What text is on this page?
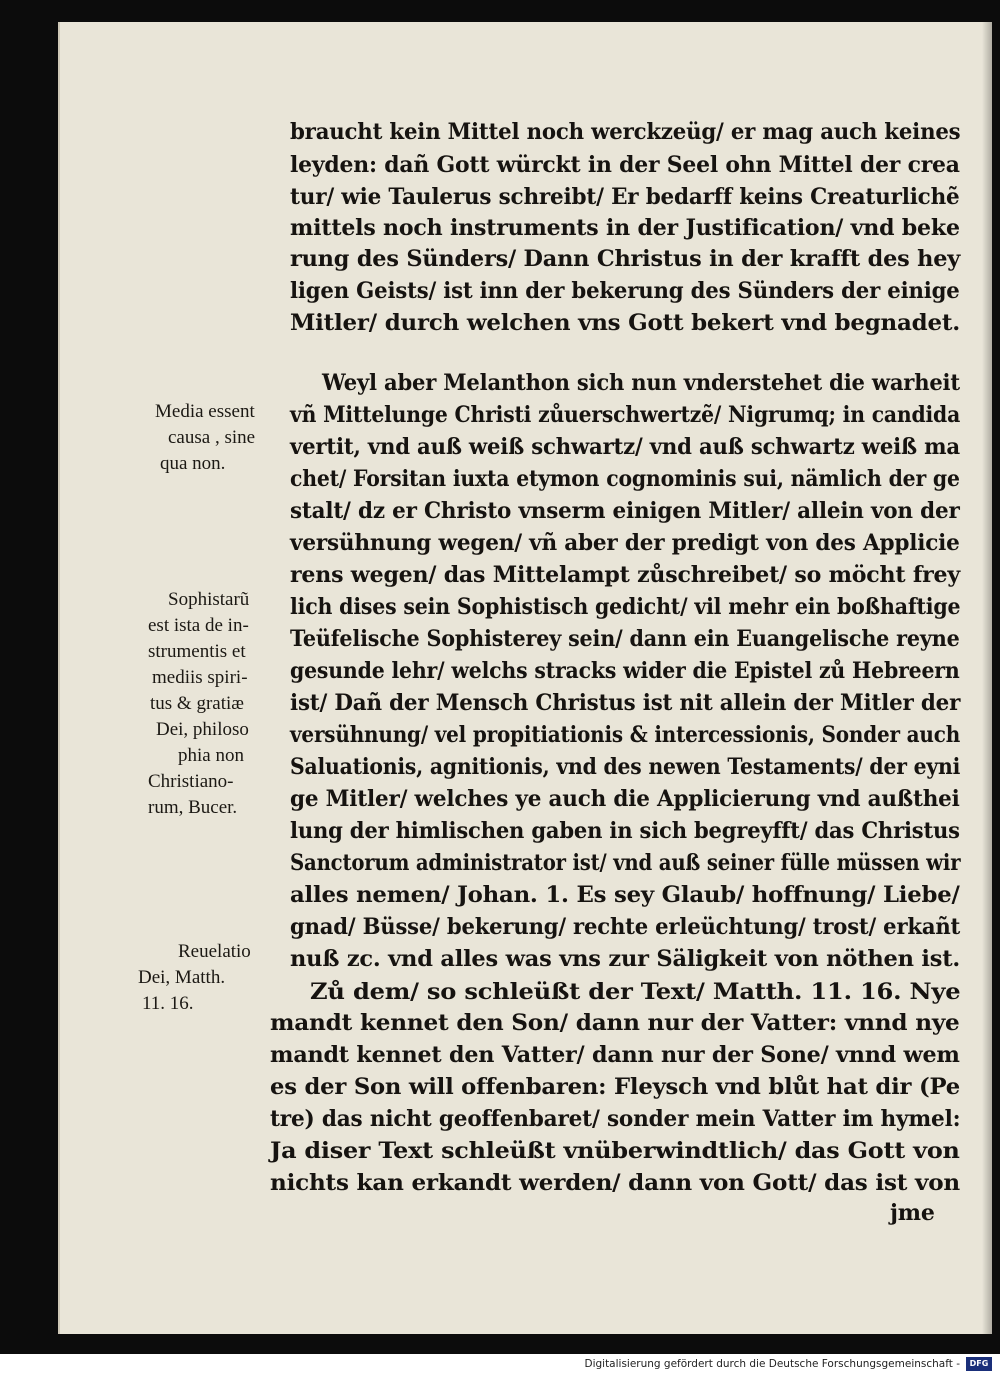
braucht kein Mittel noch werckzeüg/ er mag auch keines
leyden: dañ Gott würckt in der Seel ohn Mittel der crea
tur/ wie Taulerus schreibt/ Er bedarff keins Creaturlichẽ
mittels noch instruments in der Justification/ vnd beke
rung des Sünders/ Dann Christus in der krafft des hey
ligen Geists/ ist inn der bekerung des Sünders der einige
Mitler/ durch welchen vns Gott bekert vnd begnadet.
Weyl aber Melanthon sich nun vnderstehet die warheit
vñ Mittelunge Christi zůuerschwertzẽ/ Nigrumq; in candida
vertit, vnd auß weiß schwartz/ vnd auß schwartz weiß ma
chet/ Forsitan iuxta etymon cognominis sui, nämlich der ge
stalt/ dz er Christo vnserm einigen Mitler/ allein von der
versühnung wegen/ vñ aber der predigt von des Applicie
rens wegen/ das Mittelampt zůschreibet/ so möcht frey
lich dises sein Sophistisch gedicht/ vil mehr ein boßhaftige
Teüfelische Sophisterey sein/ dann ein Euangelische reyne
gesunde lehr/ welchs stracks wider die Epistel zů Hebreern
ist/ Dañ der Mensch Christus ist nit allein der Mitler der
versühnung/ vel propitiationis & intercessionis, Sonder auch
Saluationis, agnitionis, vnd des newen Testaments/ der eyni
ge Mitler/ welches ye auch die Applicierung vnd außthei
lung der himlischen gaben in sich begreyfft/ das Christus
Sanctorum administrator ist/ vnd auß seiner fülle müssen wir
alles nemen/ Johan. 1. Es sey Glaub/ hoffnung/ Liebe/
gnad/ Büsse/ bekerung/ rechte erleüchtung/ trost/ erkañt
nuß zc. vnd alles was vns zur Säligkeit von nöthen ist.
Zů dem/ so schleüßt der Text/ Matth. 11. 16. Nye
mandt kennet den Son/ dann nur der Vatter: vnnd nye
mandt kennet den Vatter/ dann nur der Sone/ vnnd wem
es der Son will offenbaren: Fleysch vnd blůt hat dir (Pe
tre) das nicht geoffenbaret/ sonder mein Vatter im hymel:
Ja diser Text schleüßt vnüberwindtlich/ das Gott von
nichts kan erkandt werden/ dann von Gott/ das ist von
jme
Media essent
causa , sine
qua non.
Sophistarũ
est ista de in-
strumentis et
mediis spiri-
tus & gratiæ
Dei, philoso
phia non
Christiano-
rum, Bucer.
Reuelatio
Dei, Matth.
11. 16.
Digitalisierung gefördert durch die Deutsche Forschungsgemeinschaft -	DFG
